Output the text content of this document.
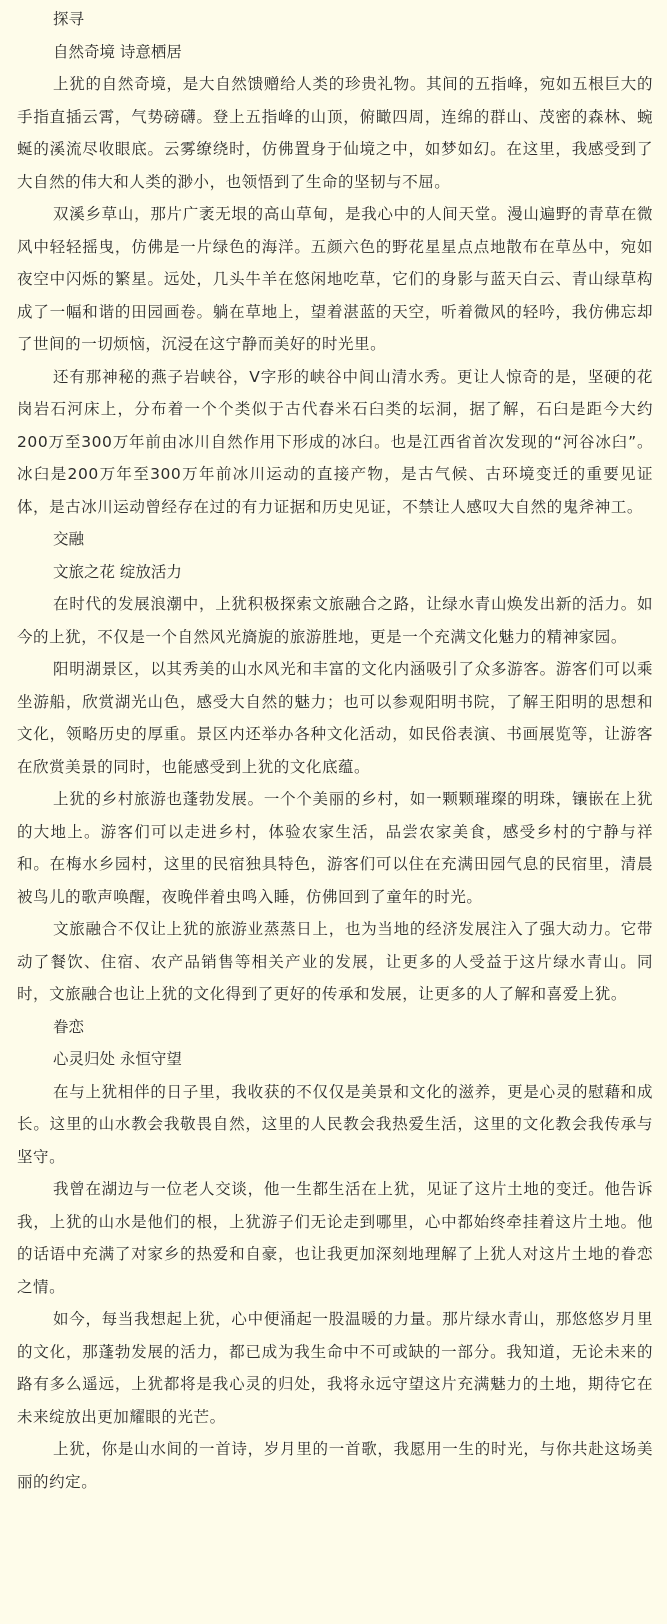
探寻
自然奇境 诗意栖居

上犹的自然奇境，是大自然馈赠给人类的珍贵礼物。其间的五指峰，宛如五根巨大的手指直插云霄，气势磅礴。登上五指峰的山顶，俯瞰四周，连绵的群山、茂密的森林、蜿蜒的溪流尽收眼底。云雾缭绕时，仿佛置身于仙境之中，如梦如幻。在这里，我感受到了大自然的伟大和人类的渺小，也领悟到了生命的坚韧与不屈。

双溪乡草山，那片广袤无垠的高山草甸，是我心中的人间天堂。漫山遍野的青草在微风中轻轻摇曳，仿佛是一片绿色的海洋。五颜六色的野花星星点点地散布在草丛中，宛如夜空中闪烁的繁星。远处，几头牛羊在悠闲地吃草，它们的身影与蓝天白云、青山绿草构成了一幅和谐的田园画卷。躺在草地上，望着湛蓝的天空，听着微风的轻吟，我仿佛忘却了世间的一切烦恼，沉浸在这宁静而美好的时光里。

还有那神秘的燕子岩峡谷，V字形的峡谷中间山清水秀。更让人惊奇的是，坚硬的花岗岩石河床上，分布着一个个类似于古代舂米石臼类的坛洞，据了解，石臼是距今大约200万至300万年前由冰川自然作用下形成的冰臼。也是江西省首次发现的“河谷冰臼”。冰臼是200万年至300万年前冰川运动的直接产物，是古气候、古环境变迁的重要见证体，是古冰川运动曾经存在过的有力证据和历史见证，不禁让人感叹大自然的鬼斧神工。

交融
文旅之花 绽放活力

在时代的发展浪潮中，上犹积极探索文旅融合之路，让绿水青山焕发出新的活力。如今的上犹，不仅是一个自然风光旖旎的旅游胜地，更是一个充满文化魅力的精神家园。

阳明湖景区，以其秀美的山水风光和丰富的文化内涵吸引了众多游客。游客们可以乘坐游船，欣赏湖光山色，感受大自然的魅力；也可以参观阳明书院，了解王阳明的思想和文化，领略历史的厚重。景区内还举办各种文化活动，如民俗表演、书画展览等，让游客在欣赏美景的同时，也能感受到上犹的文化底蕴。

上犹的乡村旅游也蓬勃发展。一个个美丽的乡村，如一颗颗璀璨的明珠，镶嵌在上犹的大地上。游客们可以走进乡村，体验农家生活，品尝农家美食，感受乡村的宁静与祥和。在梅水乡园村，这里的民宿独具特色，游客们可以住在充满田园气息的民宿里，清晨被鸟儿的歌声唤醒，夜晚伴着虫鸣入睡，仿佛回到了童年的时光。

文旅融合不仅让上犹的旅游业蒸蒸日上，也为当地的经济发展注入了强大动力。它带动了餐饮、住宿、农产品销售等相关产业的发展，让更多的人受益于这片绿水青山。同时，文旅融合也让上犹的文化得到了更好的传承和发展，让更多的人了解和喜爱上犹。

眷恋
心灵归处 永恒守望

在与上犹相伴的日子里，我收获的不仅仅是美景和文化的滋养，更是心灵的慰藉和成长。这里的山水教会我敬畏自然，这里的人民教会我热爱生活，这里的文化教会我传承与坚守。

我曾在湖边与一位老人交谈，他一生都生活在上犹，见证了这片土地的变迁。他告诉我，上犹的山水是他们的根，上犹游子们无论走到哪里，心中都始终牵挂着这片土地。他的话语中充满了对家乡的热爱和自豪，也让我更加深刻地理解了上犹人对这片土地的眷恋之情。

如今，每当我想起上犹，心中便涌起一股温暖的力量。那片绿水青山，那悠悠岁月里的文化，那蓬勃发展的活力，都已成为我生命中不可或缺的一部分。我知道，无论未来的路有多么遥远，上犹都将是我心灵的归处，我将永远守望这片充满魅力的土地，期待它在未来绽放出更加耀眼的光芒。

上犹，你是山水间的一首诗，岁月里的一首歌，我愿用一生的时光，与你共赴这场美丽的约定。
